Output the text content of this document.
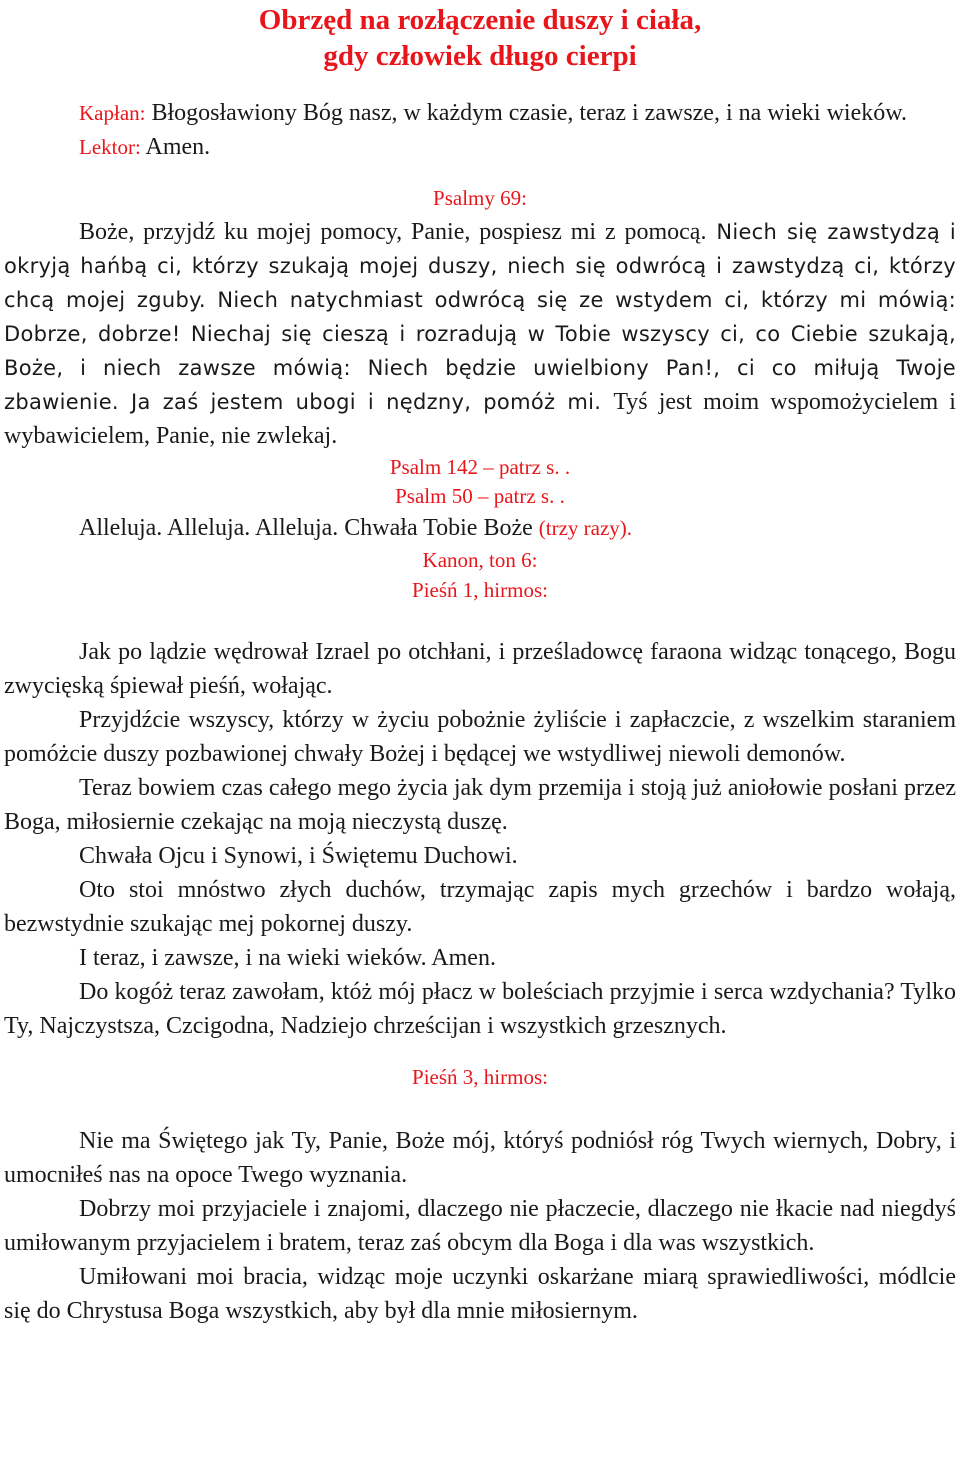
Obrzęd na rozłączenie duszy i ciała,
gdy człowiek długo cierpi

Kapłan: Błogosławiony Bóg nasz, w każdym czasie, teraz i zawsze, i na wieki wieków.

Lektor: Amen.

Psalmy 69:

Boże, przyjdź ku mojej pomocy, Panie, pospiesz mi z pomocą. Niech się zawstydzą i okryją hańbą ci, którzy szukają mojej duszy, niech się odwrócą i zawstydzą ci, którzy chcą mojej zguby. Niech natychmiast odwrócą się ze wstydem ci, którzy mi mówią: Dobrze, dobrze! Niechaj się cieszą i rozradują w Tobie wszyscy ci, co Ciebie szukają, Boże, i niech zawsze mówią: Niech będzie uwielbiony Pan!, ci co miłują Twoje zbawienie. Ja zaś jestem ubogi i nędzny, pomóż mi. Tyś jest moim wspomożycielem i wybawicielem, Panie, nie zwlekaj.

Psalm 142 – patrz s. .

Psalm 50 – patrz s. .

Alleluja. Alleluja. Alleluja. Chwała Tobie Boże (trzy razy).

Kanon, ton 6:

Pieśń 1, hirmos:

Jak po lądzie wędrował Izrael po otchłani, i prześladowcę faraona widząc tonącego, Bogu zwycięską śpiewał pieśń, wołając.

Przyjdźcie wszyscy, którzy w życiu pobożnie żyliście i zapłaczcie, z wszelkim staraniem pomóżcie duszy pozbawionej chwały Bożej i będącej we wstydliwej niewoli demonów.

Teraz bowiem czas całego mego życia jak dym przemija i stoją już aniołowie posłani przez Boga, miłosiernie czekając na moją nieczystą duszę.

Chwała Ojcu i Synowi, i Świętemu Duchowi.

Oto stoi mnóstwo złych duchów, trzymając zapis mych grzechów i bardzo wołają, bezwstydnie szukając mej pokornej duszy.

I teraz, i zawsze, i na wieki wieków. Amen.

Do kogóż teraz zawołam, któż mój płacz w boleściach przyjmie i serca wzdychania? Tylko Ty, Najczystsza, Czcigodna, Nadziejo chrześcijan i wszystkich grzesznych.

Pieśń 3, hirmos:

Nie ma Świętego jak Ty, Panie, Boże mój, któryś podniósł róg Twych wiernych, Dobry, i umocniłeś nas na opoce Twego wyznania.

Dobrzy moi przyjaciele i znajomi, dlaczego nie płaczecie, dlaczego nie łkacie nad niegdyś umiłowanym przyjacielem i bratem, teraz zaś obcym dla Boga i dla was wszystkich.

Umiłowani moi bracia, widząc moje uczynki oskarżane miarą sprawiedliwości, módlcie się do Chrystusa Boga wszystkich, aby był dla mnie miłosiernym.
